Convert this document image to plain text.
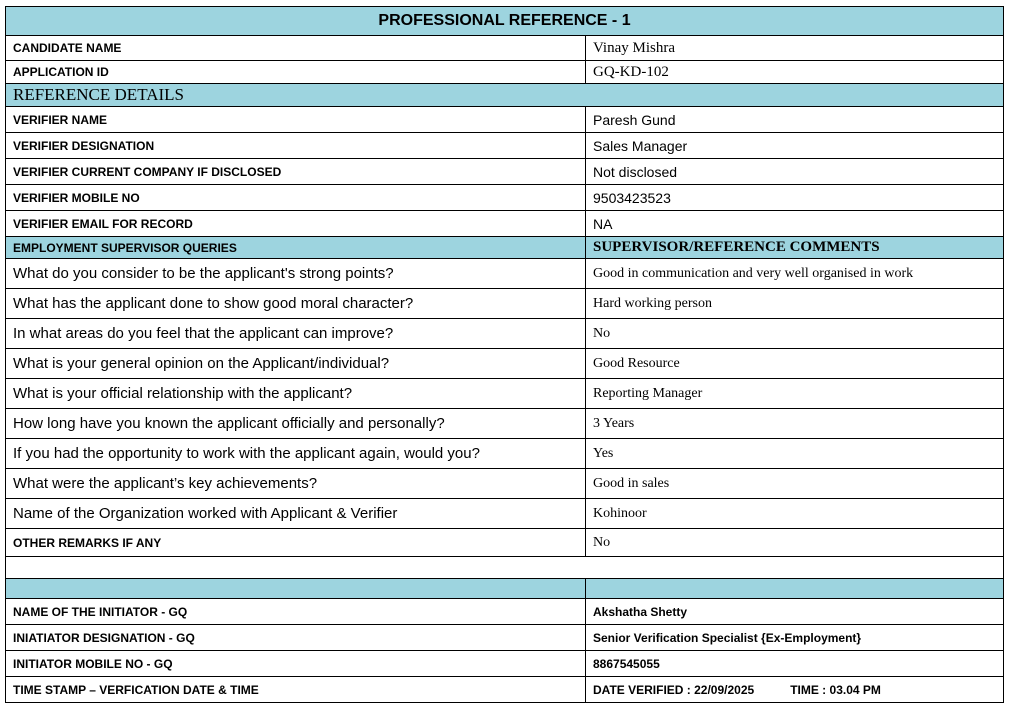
PROFESSIONAL REFERENCE - 1	
CANDIDATE NAME	Vinay Mishra
APPLICATION ID	GQ-KD-102
REFERENCE DETAILS	
VERIFIER NAME	Paresh Gund
VERIFIER DESIGNATION	Sales Manager
VERIFIER CURRENT COMPANY IF DISCLOSED	Not disclosed
VERIFIER MOBILE NO	9503423523
VERIFIER EMAIL FOR RECORD	NA
EMPLOYMENT SUPERVISOR QUERIES	SUPERVISOR/REFERENCE COMMENTS
What do you consider to be the applicant's strong points?	Good in communication and very well organised in work
What has the applicant done to show good moral character?	Hard working person
In what areas do you feel that the applicant can improve?	No
What is your general opinion on the Applicant/individual?	Good Resource
What is your official relationship with the applicant?	Reporting Manager
How long have you known the applicant officially and personally?	3 Years
If you had the opportunity to work with the applicant again, would you?	Yes
What were the applicant’s key achievements?	Good in sales
Name of the Organization worked with Applicant & Verifier	Kohinoor
OTHER REMARKS IF ANY	No

NAME OF THE INITIATOR - GQ	Akshatha Shetty
INIATIATOR DESIGNATION - GQ	Senior Verification Specialist {Ex-Employment}
INITIATOR MOBILE NO - GQ	8867545055
TIME STAMP – VERFICATION DATE & TIME	DATE VERIFIED : 22/09/2025 TIME : 03.04 PM
